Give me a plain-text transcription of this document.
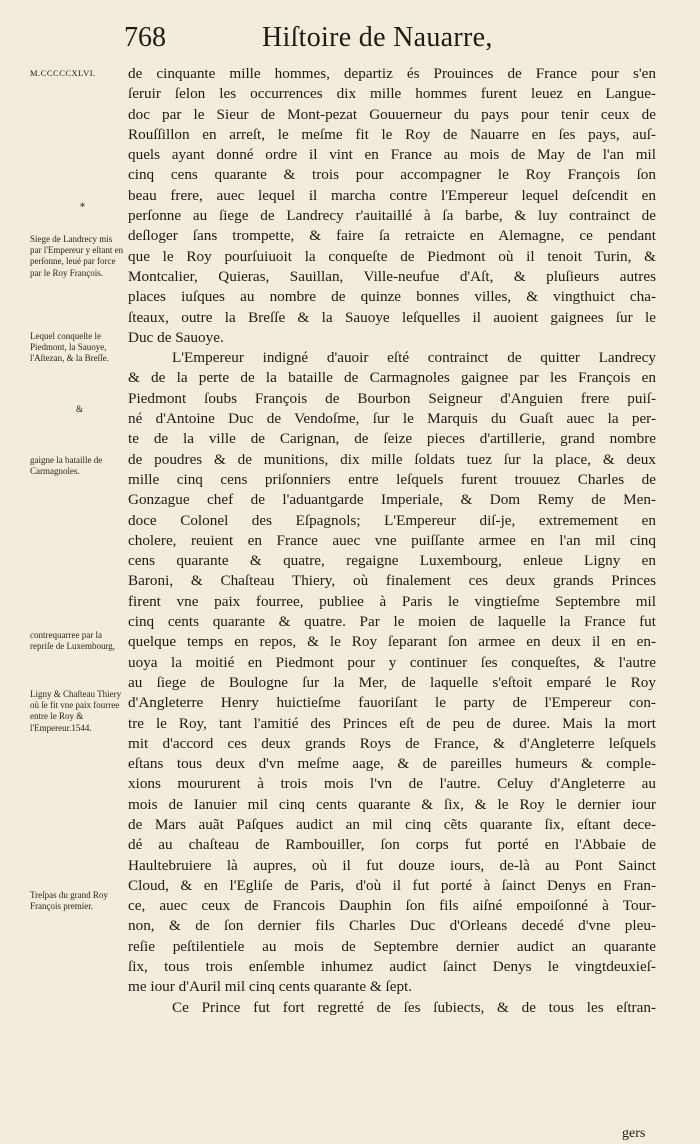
768	Hiſtoire de Nauarre,
M.CCCCCXLVI.
*
Siege de Landrecy mis par l'Empereur y eſtant en perſonne, leué par force par le Roy François.
Lequel conqueſte le Piedmont, la Sauoye, l'Aſtezan, & la Breſſe.
&
gaigne la bataille de Carmagnoles.
contrequarree par la repriſe de Luxembourg,
Ligny & Chaſteau Thiery où ſe fit vne paix fourree entre le Roy & l'Empereur.1544.
Treſpas du grand Roy François premier.
de cinquante mille hommes, departiz és Prouinces de France pour s'en
ſeruir ſelon les occurrences dix mille hommes furent leuez en Langue-
doc par le Sieur de Mont-pezat Gouuerneur du pays pour tenir ceux de
Rouſſillon en arreſt, le meſme fit le Roy de Nauarre en ſes pays, auſ-
quels ayant donné ordre il vint en France au mois de May de l'an mil
cinq cens quarante & trois pour accompagner le Roy François ſon
beau frere, auec lequel il marcha contre l'Empereur lequel deſcendit en
perſonne au ſiege de Landrecy r'auitaillé à ſa barbe, & luy contrainct de
deſloger ſans trompette, & faire ſa retraicte en Alemagne, ce pendant
que le Roy pourſuiuoit la conqueſte de Piedmont où il tenoit Turin, &
Montcalier, Quieras, Sauillan, Ville-neufue d'Aſt, & pluſieurs autres
places iuſques au nombre de quinze bonnes villes, & vingthuict cha-
ſteaux, outre la Breſſe & la Sauoye leſquelles il auoient gaignees ſur le
Duc de Sauoye.
L'Empereur indigné d'auoir eſté contrainct de quitter Landrecy
& de la perte de la bataille de Carmagnoles gaignee par les François en
Piedmont ſoubs François de Bourbon Seigneur d'Anguien frere puiſ-
né d'Antoine Duc de Vendoſme, ſur le Marquis du Guaſt auec la per-
te de la ville de Carignan, de ſeize pieces d'artillerie, grand nombre
de poudres & de munitions, dix mille ſoldats tuez ſur la place, & deux
mille cinq cens priſonniers entre leſquels furent trouuez Charles de
Gonzague chef de l'aduantgarde Imperiale, & Dom Remy de Men-
doce Colonel des Eſpagnols; L'Empereur diſ-je, extremement en
cholere, reuient en France auec vne puiſſante armee en l'an mil cinq
cens quarante & quatre, regaigne Luxembourg, enleue Ligny en
Baroni, & Chaſteau Thiery, où finalement ces deux grands Princes
firent vne paix fourree, publiee à Paris le vingtieſme Septembre mil
cinq cents quarante & quatre. Par le moien de laquelle la France fut
quelque temps en repos, & le Roy ſeparant ſon armee en deux il en en-
uoya la moitié en Piedmont pour y continuer ſes conqueſtes, & l'autre
au ſiege de Boulogne ſur la Mer, de laquelle s'eſtoit emparé le Roy
d'Angleterre Henry huictieſme fauoriſant le party de l'Empereur con-
tre le Roy, tant l'amitié des Princes eſt de peu de duree. Mais la mort
mit d'accord ces deux grands Roys de France, & d'Angleterre leſquels
eſtans tous deux d'vn meſme aage, & de pareilles humeurs & comple-
xions moururent à trois mois l'vn de l'autre. Celuy d'Angleterre au
mois de Ianuier mil cinq cents quarante & ſix, & le Roy le dernier iour
de Mars auãt Paſques audict an mil cinq cẽts quarante ſix, eſtant dece-
dé au chaſteau de Rambouiller, ſon corps fut porté en l'Abbaie de
Haultebruiere là aupres, où il fut douze iours, de-là au Pont Sainct
Cloud, & en l'Egliſe de Paris, d'où il fut porté à ſainct Denys en Fran-
ce, auec ceux de Francois Dauphin ſon fils aiſné empoiſonné à Tour-
non, & de ſon dernier fils Charles Duc d'Orleans decedé d'vne pleu-
reſie peſtilentiele au mois de Septembre dernier audict an quarante
ſix, tous trois enſemble inhumez audict ſainct Denys le vingtdeuxieſ-
me iour d'Auril mil cinq cents quarante & ſept.
Ce Prince fut fort regretté de ſes ſubiects, & de tous les eſtran-
gers
